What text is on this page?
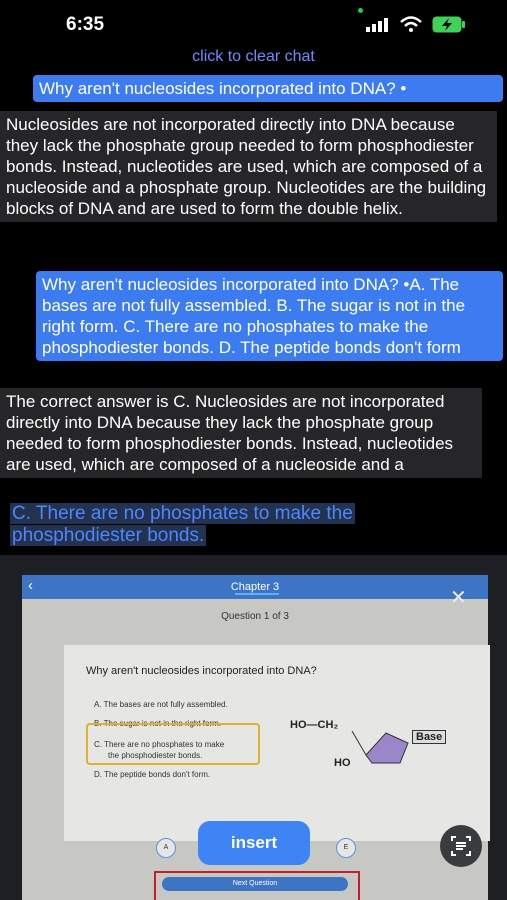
6:35
click to clear chat
Why aren't nucleosides incorporated into DNA? •
Nucleosides are not incorporated directly into DNA because they lack the phosphate group needed to form phosphodiester bonds. Instead, nucleotides are used, which are composed of a nucleoside and a phosphate group. Nucleotides are the building blocks of DNA and are used to form the double helix.
Why aren't nucleosides incorporated into DNA? •A. The bases are not fully assembled. B. The sugar is not in the right form. C. There are no phosphates to make the phosphodiester bonds. D. The peptide bonds don't form
The correct answer is C. Nucleosides are not incorporated directly into DNA because they lack the phosphate group needed to form phosphodiester bonds. Instead, nucleotides are used, which are composed of a nucleoside and a
C. There are no phosphates to make the phosphodiester bonds.
‹	Chapter 3
Question 1 of 3
Why aren't nucleosides incorporated into DNA?
A. The bases are not fully assembled.
B. The sugar is not in the right form.
C. There are no phosphates to make
the phosphodiester bonds.
D. The peptide bonds don't form.
HO—CH₂
Base
HO
✕
A	E
insert
Next Question
